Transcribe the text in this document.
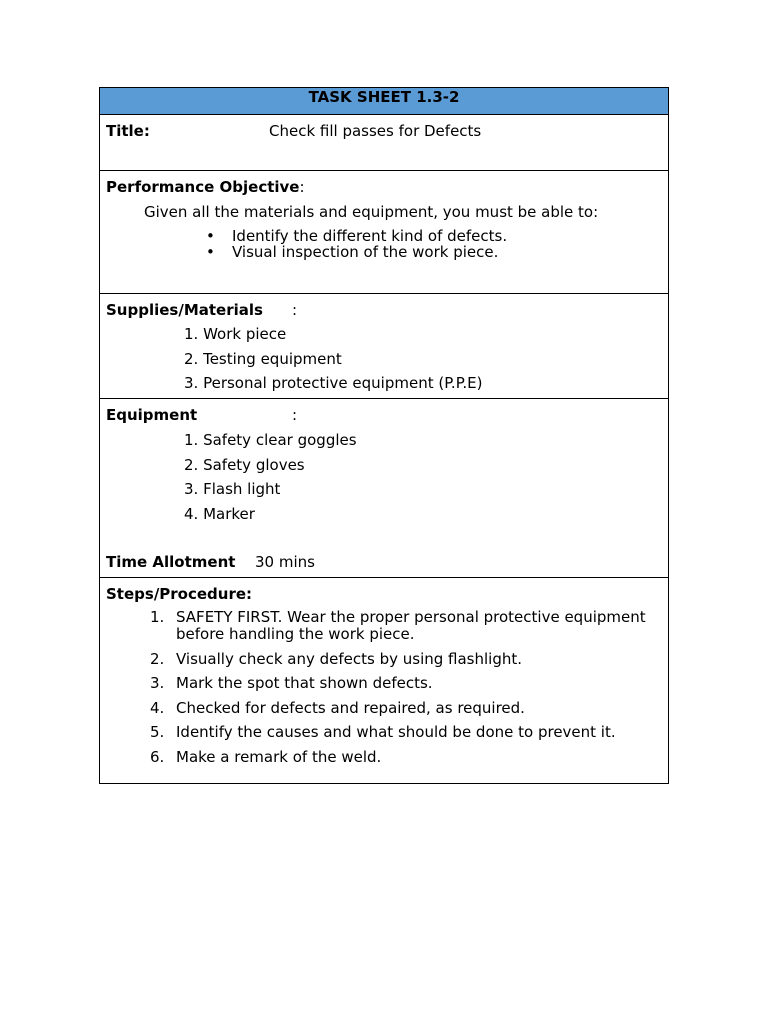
TASK SHEET 1.3-2
Title:	Check fill passes for Defects
Performance Objective:
Given all the materials and equipment, you must be able to:
• Identify the different kind of defects.
• Visual inspection of the work piece.
Supplies/Materials :
1. Work piece
2. Testing equipment
3. Personal protective equipment (P.P.E)
Equipment	:
1. Safety clear goggles
2. Safety gloves
3. Flash light
4. Marker
Time Allotment 30 mins
Steps/Procedure:
1. SAFETY FIRST. Wear the proper personal protective equipment before handling the work piece.
2. Visually check any defects by using flashlight.
3. Mark the spot that shown defects.
4. Checked for defects and repaired, as required.
5. Identify the causes and what should be done to prevent it.
6. Make a remark of the weld.
